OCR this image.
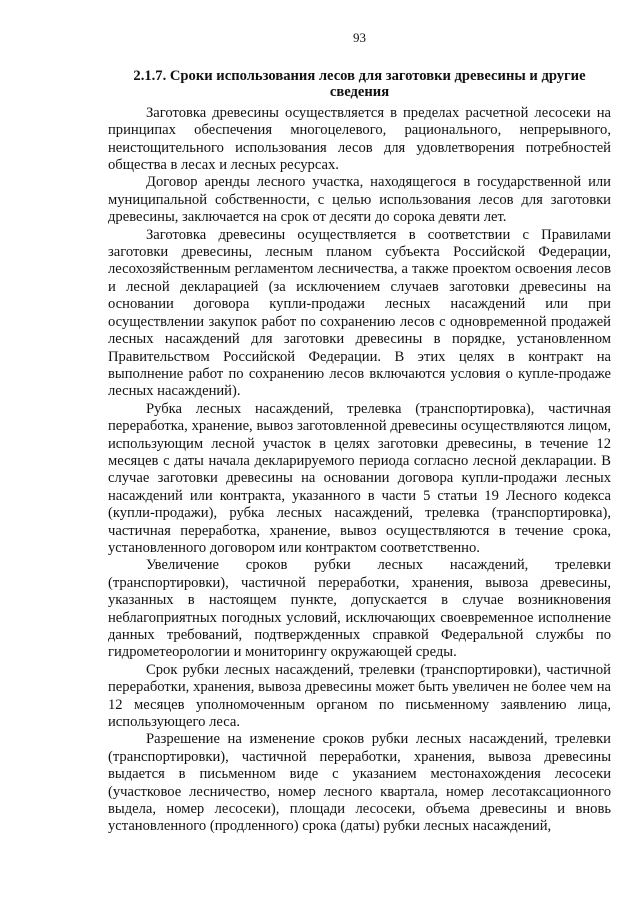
93
2.1.7. Сроки использования лесов для заготовки древесины и другие сведения

Заготовка древесины осуществляется в пределах расчетной лесосеки на принципах обеспечения многоцелевого, рационального, непрерывного, неистощительного использования лесов для удовлетворения потребностей общества в лесах и лесных ресурсах.

Договор аренды лесного участка, находящегося в государственной или муниципальной собственности, с целью использования лесов для заготовки древесины, заключается на срок от десяти до сорока девяти лет.

Заготовка древесины осуществляется в соответствии с Правилами заготовки древесины, лесным планом субъекта Российской Федерации, лесохозяйственным регламентом лесничества, а также проектом освоения лесов и лесной декларацией (за исключением случаев заготовки древесины на основании договора купли-продажи лесных насаждений или при осуществлении закупок работ по сохранению лесов с одновременной продажей лесных насаждений для заготовки древесины в порядке, установленном Правительством Российской Федерации. В этих целях в контракт на выполнение работ по сохранению лесов включаются условия о купле-продаже лесных насаждений).

Рубка лесных насаждений, трелевка (транспортировка), частичная переработка, хранение, вывоз заготовленной древесины осуществляются лицом, использующим лесной участок в целях заготовки древесины, в течение 12 месяцев с даты начала декларируемого периода согласно лесной декларации. В случае заготовки древесины на основании договора купли-продажи лесных насаждений или контракта, указанного в части 5 статьи 19 Лесного кодекса (купли-продажи), рубка лесных насаждений, трелевка (транспортировка), частичная переработка, хранение, вывоз осуществляются в течение срока, установленного договором или контрактом соответственно.

Увеличение сроков рубки лесных насаждений, трелевки (транспортировки), частичной переработки, хранения, вывоза древесины, указанных в настоящем пункте, допускается в случае возникновения неблагоприятных погодных условий, исключающих своевременное исполнение данных требований, подтвержденных справкой Федеральной службы по гидрометеорологии и мониторингу окружающей среды.

Срок рубки лесных насаждений, трелевки (транспортировки), частичной переработки, хранения, вывоза древесины может быть увеличен не более чем на 12 месяцев уполномоченным органом по письменному заявлению лица, использующего леса.

Разрешение на изменение сроков рубки лесных насаждений, трелевки (транспортировки), частичной переработки, хранения, вывоза древесины выдается в письменном виде с указанием местонахождения лесосеки (участковое лесничество, номер лесного квартала, номер лесотаксационного выдела, номер лесосеки), площади лесосеки, объема древесины и вновь установленного (продленного) срока (даты) рубки лесных насаждений,
